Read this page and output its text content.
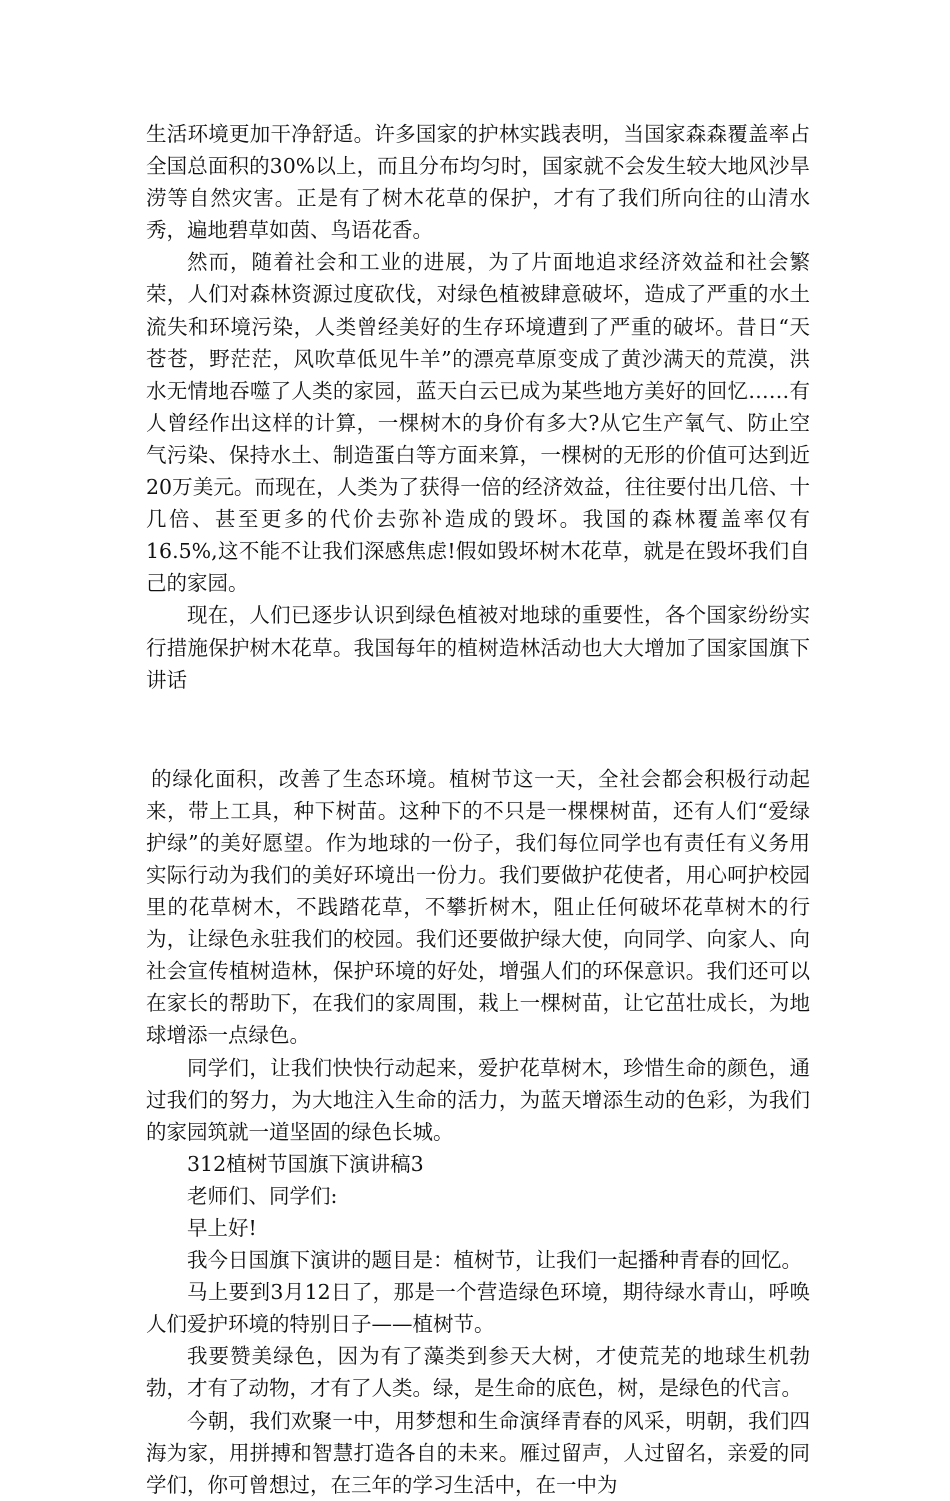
生活环境更加干净舒适。许多国家的护林实践表明，当国家森森覆盖率占全国总面积的30%以上，而且分布均匀时，国家就不会发生较大地风沙旱涝等自然灾害。正是有了树木花草的保护，才有了我们所向往的山清水秀，遍地碧草如茵、鸟语花香。

然而，随着社会和工业的进展，为了片面地追求经济效益和社会繁荣，人们对森林资源过度砍伐，对绿色植被肆意破坏，造成了严重的水土流失和环境污染，人类曾经美好的生存环境遭到了严重的破坏。昔日“天苍苍，野茫茫，风吹草低见牛羊”的漂亮草原变成了黄沙满天的荒漠，洪水无情地吞噬了人类的家园，蓝天白云已成为某些地方美好的回忆……有人曾经作出这样的计算，一棵树木的身价有多大?从它生产氧气、防止空气污染、保持水土、制造蛋白等方面来算，一棵树的无形的价值可达到近20万美元。而现在，人类为了获得一倍的经济效益，往往要付出几倍、十几倍、甚至更多的代价去弥补造成的毁坏。我国的森林覆盖率仅有16.5%,这不能不让我们深感焦虑!假如毁坏树木花草，就是在毁坏我们自己的家园。

现在，人们已逐步认识到绿色植被对地球的重要性，各个国家纷纷实行措施保护树木花草。我国每年的植树造林活动也大大增加了国家国旗下讲话

的绿化面积，改善了生态环境。植树节这一天，全社会都会积极行动起来，带上工具，种下树苗。这种下的不只是一棵棵树苗，还有人们“爱绿护绿”的美好愿望。作为地球的一份子，我们每位同学也有责任有义务用实际行动为我们的美好环境出一份力。我们要做护花使者，用心呵护校园里的花草树木，不践踏花草，不攀折树木，阻止任何破坏花草树木的行为，让绿色永驻我们的校园。我们还要做护绿大使，向同学、向家人、向社会宣传植树造林，保护环境的好处，增强人们的环保意识。我们还可以在家长的帮助下，在我们的家周围，栽上一棵树苗，让它茁壮成长，为地球增添一点绿色。

同学们，让我们快快行动起来，爱护花草树木，珍惜生命的颜色，通过我们的努力，为大地注入生命的活力，为蓝天增添生动的色彩，为我们的家园筑就一道坚固的绿色长城。

312植树节国旗下演讲稿3

老师们、同学们:

早上好!

我今日国旗下演讲的题目是：植树节，让我们一起播种青春的回忆。

马上要到3月12日了，那是一个营造绿色环境，期待绿水青山，呼唤人们爱护环境的特别日子——植树节。

我要赞美绿色，因为有了藻类到参天大树，才使荒芜的地球生机勃勃，才有了动物，才有了人类。绿，是生命的底色，树，是绿色的代言。

今朝，我们欢聚一中，用梦想和生命演绎青春的风采，明朝，我们四海为家，用拼搏和智慧打造各自的未来。雁过留声，人过留名，亲爱的同学们，你可曾想过，在三年的学习生活中，在一中为
